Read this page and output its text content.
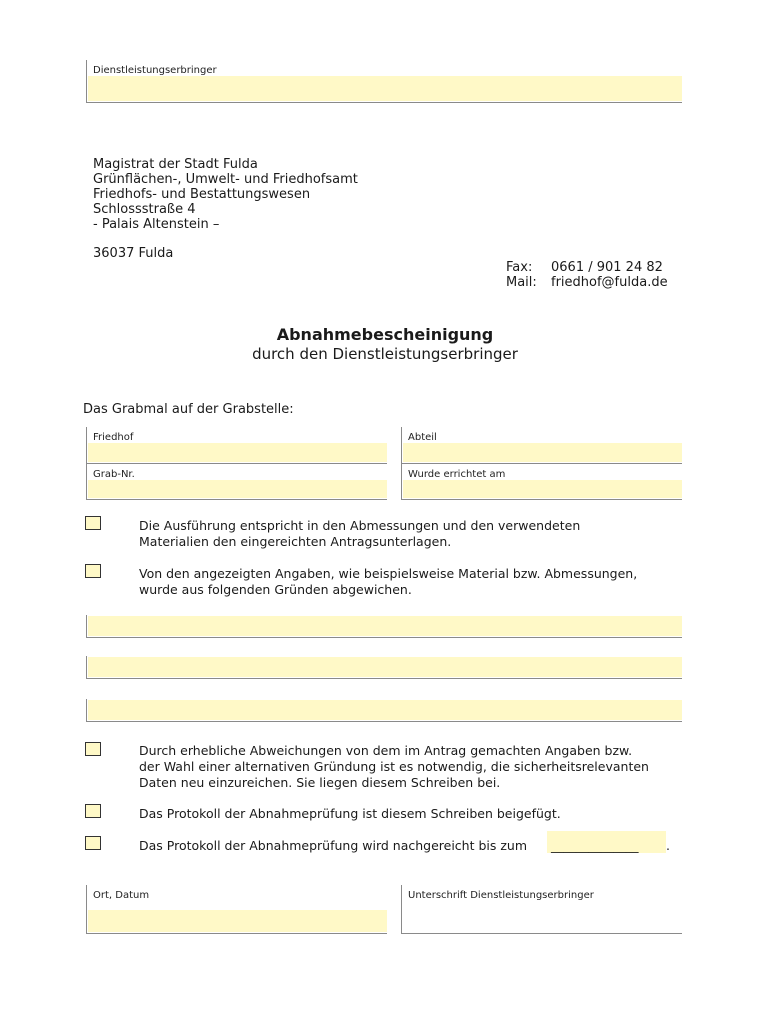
Dienstleistungserbringer
Magistrat der Stadt Fulda
Grünflächen-, Umwelt- und Friedhofsamt
Friedhofs- und Bestattungswesen
Schlossstraße 4
- Palais Altenstein –
36037 Fulda
Fax: 0661 / 901 24 82
Mail: friedhof@fulda.de
Abnahmebescheinigung
durch den Dienstleistungserbringer
Das Grabmal auf der Grabstelle:
Friedhof	Abteil
Grab-Nr.	Wurde errichtet am
Die Ausführung entspricht in den Abmessungen und den verwendeten
Materialien den eingereichten Antragsunterlagen.
Von den angezeigten Angaben, wie beispielsweise Material bzw. Abmessungen,
wurde aus folgenden Gründen abgewichen.
Durch erhebliche Abweichungen von dem im Antrag gemachten Angaben bzw.
der Wahl einer alternativen Gründung ist es notwendig, die sicherheitsrelevanten
Daten neu einzureichen. Sie liegen diesem Schreiben bei.
Das Protokoll der Abnahmeprüfung ist diesem Schreiben beigefügt.
Das Protokoll der Abnahmeprüfung wird nachgereicht bis zum ______________ .
Ort, Datum	Unterschrift Dienstleistungserbringer
